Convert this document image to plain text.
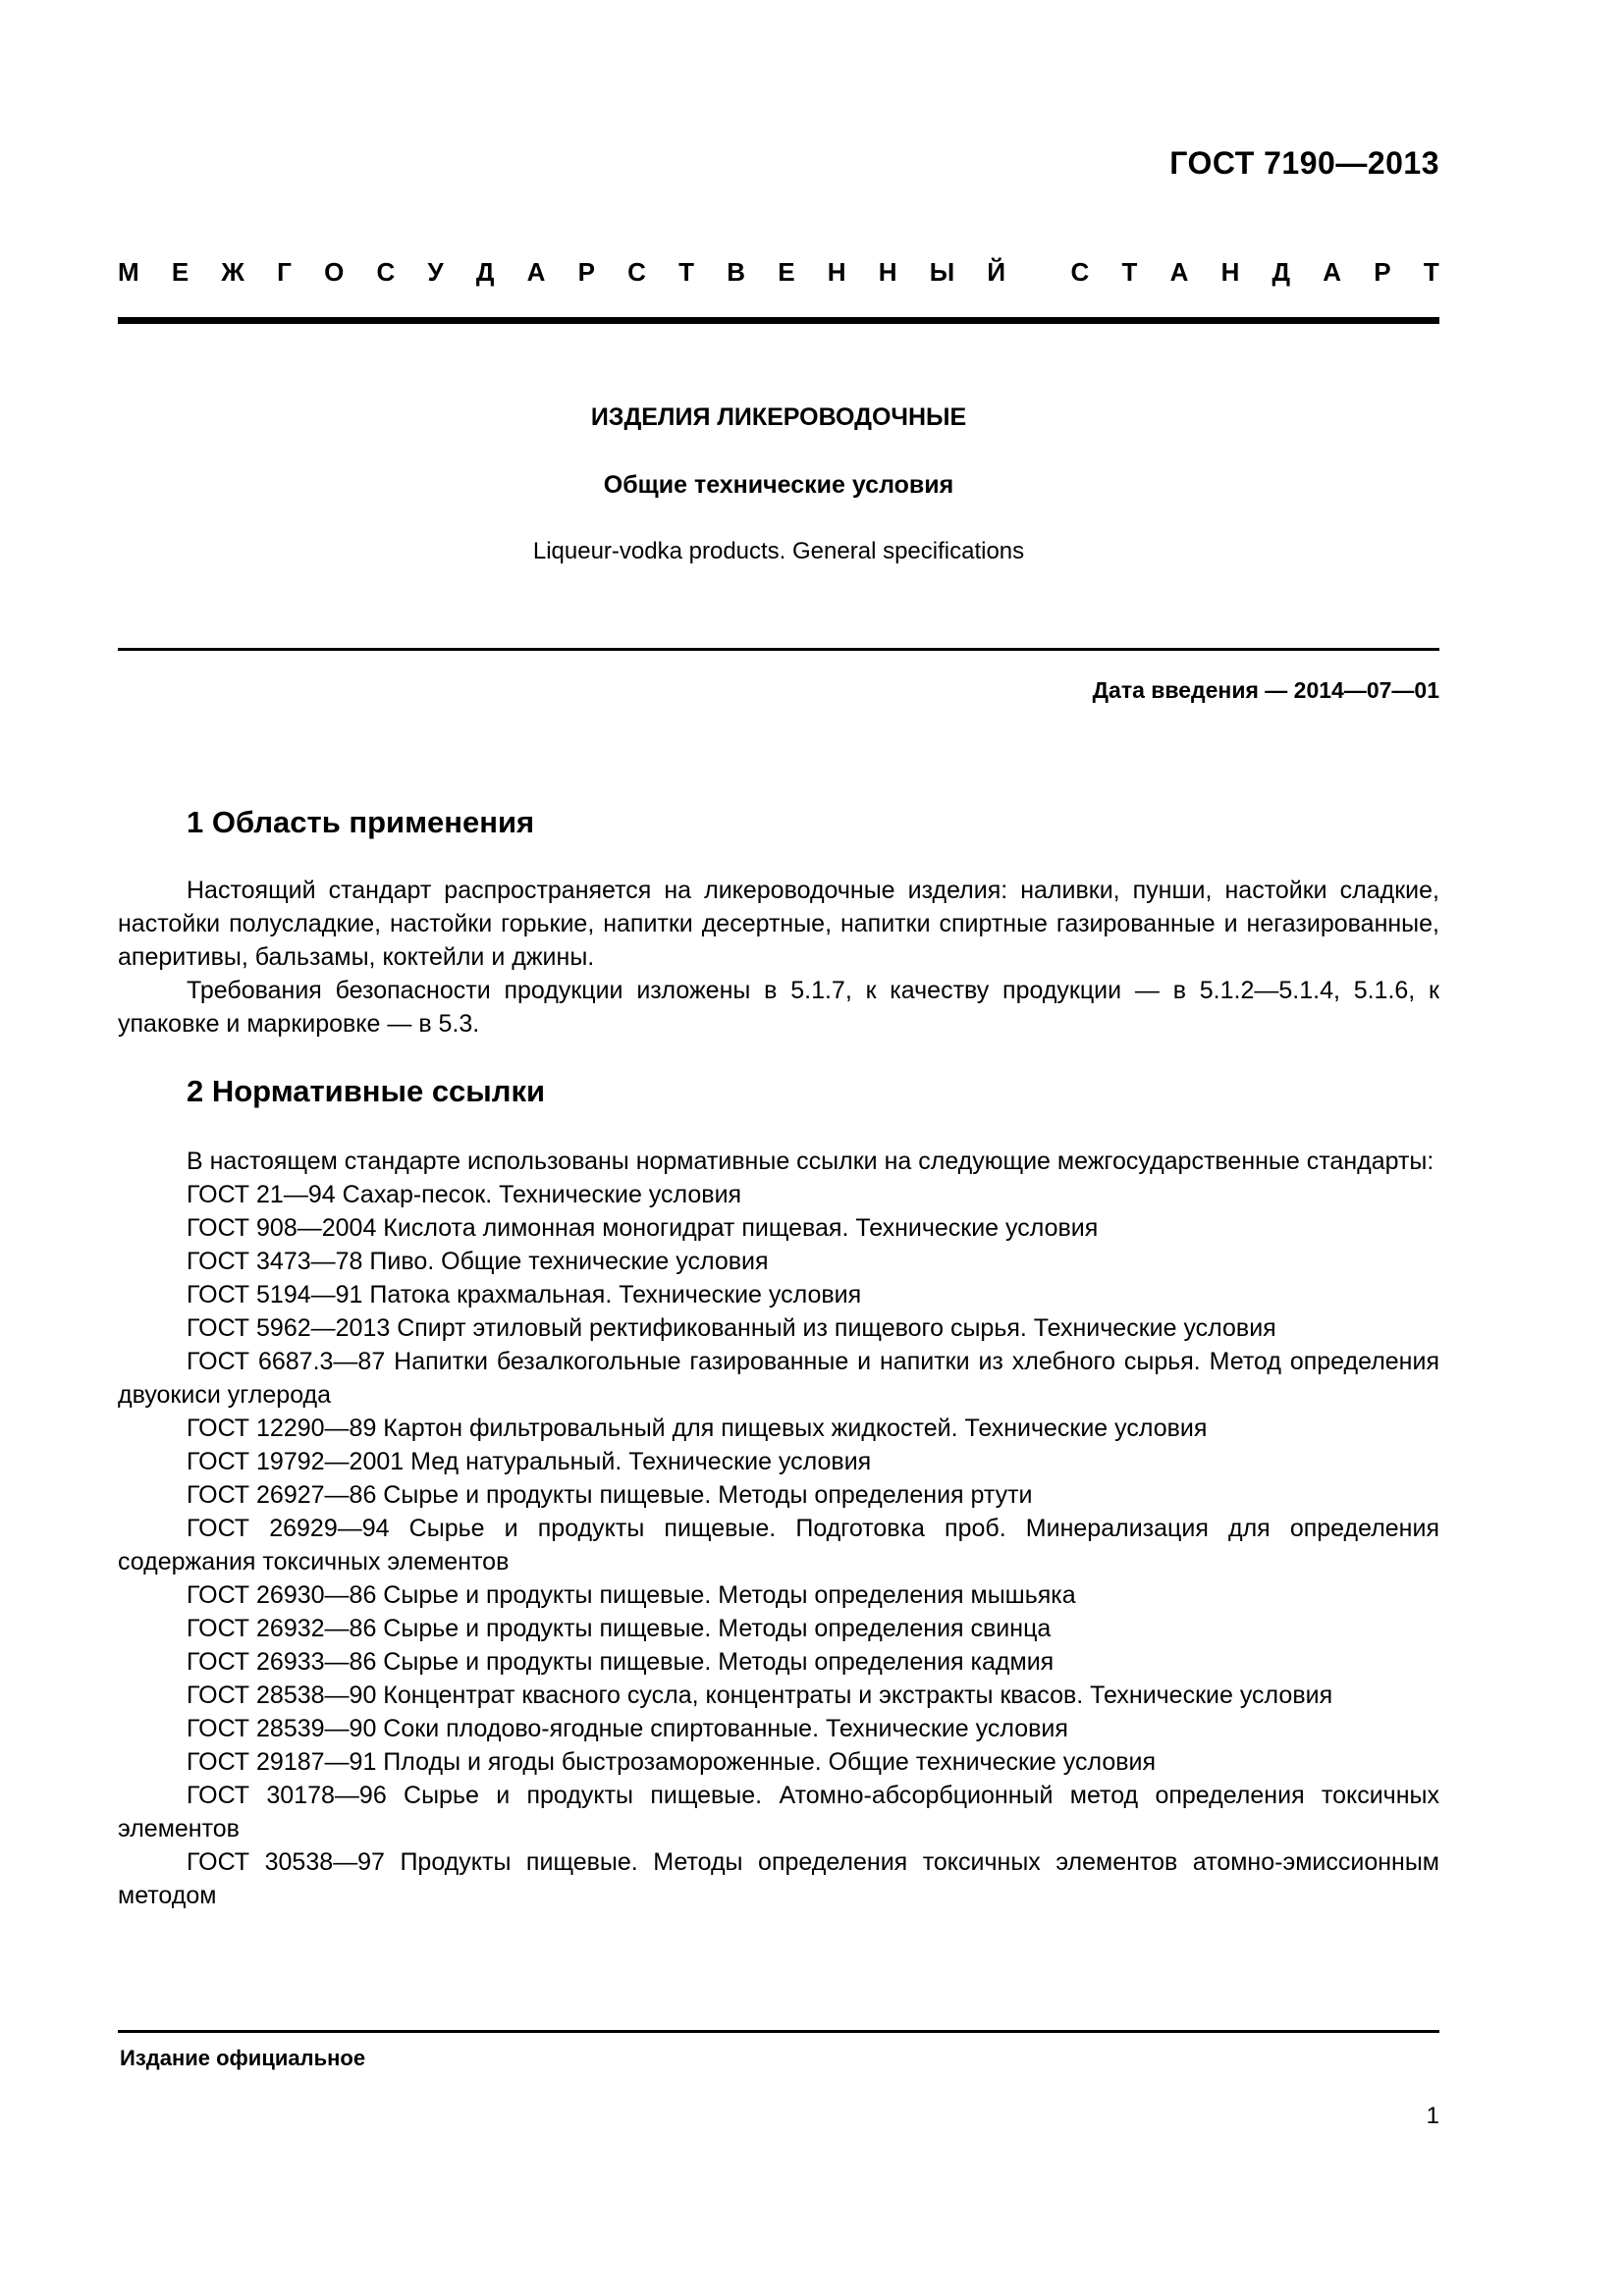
ГОСТ 7190—2013
М Е Ж Г О С У Д А Р С Т В Е Н Н Ы Й	С Т А Н Д А Р Т
ИЗДЕЛИЯ ЛИКЕРОВОДОЧНЫЕ
Общие технические условия
Liqueur-vodka products. General specifications
Дата введения — 2014—07—01
1 Область применения

Настоящий стандарт распространяется на ликероводочные изделия: наливки, пунши, настойки сладкие, настойки полусладкие, настойки горькие, напитки десертные, напитки спиртные газированные и негазированные, аперитивы, бальзамы, коктейли и джины.

Требования безопасности продукции изложены в 5.1.7, к качеству продукции — в 5.1.2—5.1.4, 5.1.6, к упаковке и маркировке — в 5.3.

2 Нормативные ссылки

В настоящем стандарте использованы нормативные ссылки на следующие межгосударственные стандарты:

ГОСТ 21—94 Сахар-песок. Технические условия

ГОСТ 908—2004 Кислота лимонная моногидрат пищевая. Технические условия

ГОСТ 3473—78 Пиво. Общие технические условия

ГОСТ 5194—91 Патока крахмальная. Технические условия

ГОСТ 5962—2013 Спирт этиловый ректификованный из пищевого сырья. Технические условия

ГОСТ 6687.3—87 Напитки безалкогольные газированные и напитки из хлебного сырья. Метод определения двуокиси углерода

ГОСТ 12290—89 Картон фильтровальный для пищевых жидкостей. Технические условия

ГОСТ 19792—2001 Мед натуральный. Технические условия

ГОСТ 26927—86 Сырье и продукты пищевые. Методы определения ртути

ГОСТ 26929—94 Сырье и продукты пищевые. Подготовка проб. Минерализация для определения содержания токсичных элементов

ГОСТ 26930—86 Сырье и продукты пищевые. Методы определения мышьяка

ГОСТ 26932—86 Сырье и продукты пищевые. Методы определения свинца

ГОСТ 26933—86 Сырье и продукты пищевые. Методы определения кадмия

ГОСТ 28538—90 Концентрат квасного сусла, концентраты и экстракты квасов. Технические условия

ГОСТ 28539—90 Соки плодово-ягодные спиртованные. Технические условия

ГОСТ 29187—91 Плоды и ягоды быстрозамороженные. Общие технические условия

ГОСТ 30178—96 Сырье и продукты пищевые. Атомно-абсорбционный метод определения токсичных элементов

ГОСТ 30538—97 Продукты пищевые. Методы определения токсичных элементов атомно-эмиссионным методом

Издание официальное
1
